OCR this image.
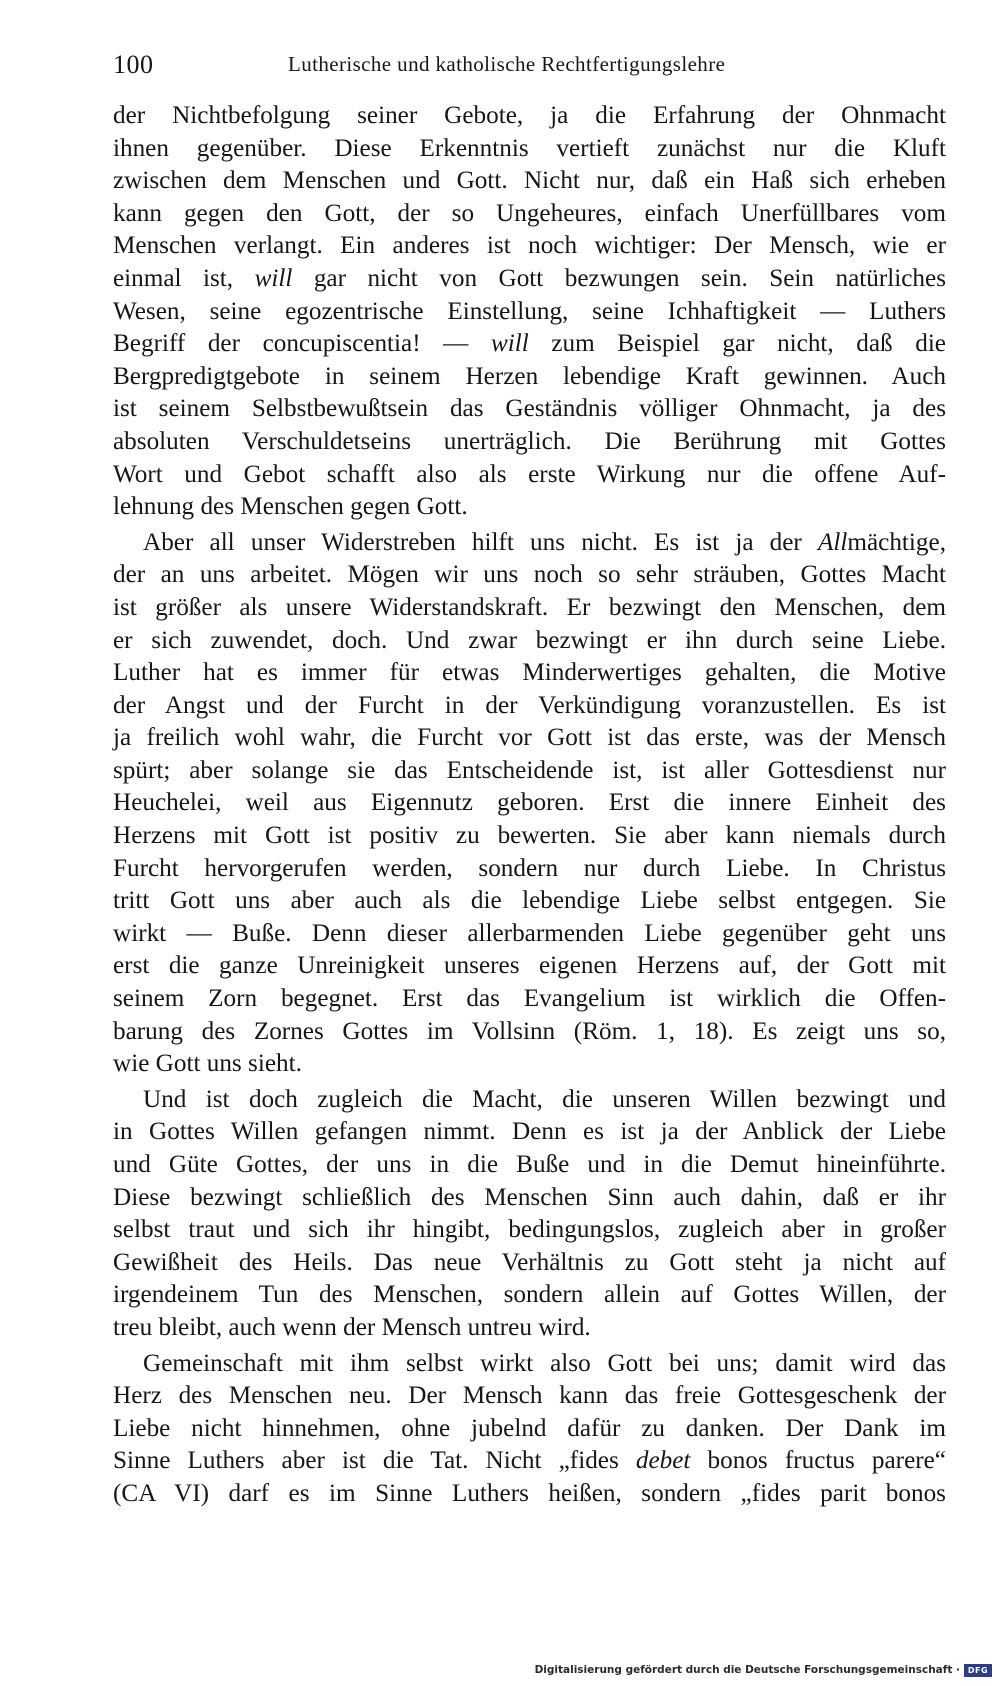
100	Lutherische und katholische Rechtfertigungslehre
der Nichtbefolgung seiner Gebote, ja die Erfahrung der Ohnmacht
ihnen gegenüber. Diese Erkenntnis vertieft zunächst nur die Kluft
zwischen dem Menschen und Gott. Nicht nur, daß ein Haß sich erheben
kann gegen den Gott, der so Ungeheures, einfach Unerfüllbares vom
Menschen verlangt. Ein anderes ist noch wichtiger: Der Mensch, wie er
einmal ist, will gar nicht von Gott bezwungen sein. Sein natürliches
Wesen, seine egozentrische Einstellung, seine Ichhaftigkeit — Luthers
Begriff der concupiscentia! — will zum Beispiel gar nicht, daß die
Bergpredigtgebote in seinem Herzen lebendige Kraft gewinnen. Auch
ist seinem Selbstbewußtsein das Geständnis völliger Ohnmacht, ja des
absoluten Verschuldetseins unerträglich. Die Berührung mit Gottes
Wort und Gebot schafft also als erste Wirkung nur die offene Auf-
lehnung des Menschen gegen Gott.
Aber all unser Widerstreben hilft uns nicht. Es ist ja der Allmächtige,
der an uns arbeitet. Mögen wir uns noch so sehr sträuben, Gottes Macht
ist größer als unsere Widerstandskraft. Er bezwingt den Menschen, dem
er sich zuwendet, doch. Und zwar bezwingt er ihn durch seine Liebe.
Luther hat es immer für etwas Minderwertiges gehalten, die Motive
der Angst und der Furcht in der Verkündigung voranzustellen. Es ist
ja freilich wohl wahr, die Furcht vor Gott ist das erste, was der Mensch
spürt; aber solange sie das Entscheidende ist, ist aller Gottesdienst nur
Heuchelei, weil aus Eigennutz geboren. Erst die innere Einheit des
Herzens mit Gott ist positiv zu bewerten. Sie aber kann niemals durch
Furcht hervorgerufen werden, sondern nur durch Liebe. In Christus
tritt Gott uns aber auch als die lebendige Liebe selbst entgegen. Sie
wirkt — Buße. Denn dieser allerbarmenden Liebe gegenüber geht uns
erst die ganze Unreinigkeit unseres eigenen Herzens auf, der Gott mit
seinem Zorn begegnet. Erst das Evangelium ist wirklich die Offen-
barung des Zornes Gottes im Vollsinn (Röm. 1, 18). Es zeigt uns so,
wie Gott uns sieht.
Und ist doch zugleich die Macht, die unseren Willen bezwingt und
in Gottes Willen gefangen nimmt. Denn es ist ja der Anblick der Liebe
und Güte Gottes, der uns in die Buße und in die Demut hineinführte.
Diese bezwingt schließlich des Menschen Sinn auch dahin, daß er ihr
selbst traut und sich ihr hingibt, bedingungslos, zugleich aber in großer
Gewißheit des Heils. Das neue Verhältnis zu Gott steht ja nicht auf
irgendeinem Tun des Menschen, sondern allein auf Gottes Willen, der
treu bleibt, auch wenn der Mensch untreu wird.
Gemeinschaft mit ihm selbst wirkt also Gott bei uns; damit wird das
Herz des Menschen neu. Der Mensch kann das freie Gottesgeschenk der
Liebe nicht hinnehmen, ohne jubelnd dafür zu danken. Der Dank im
Sinne Luthers aber ist die Tat. Nicht „fides debet bonos fructus parere“
(CA VI) darf es im Sinne Luthers heißen, sondern „fides parit bonos
Digitalisierung gefördert durch die Deutsche Forschungsgemeinschaft · DFG
